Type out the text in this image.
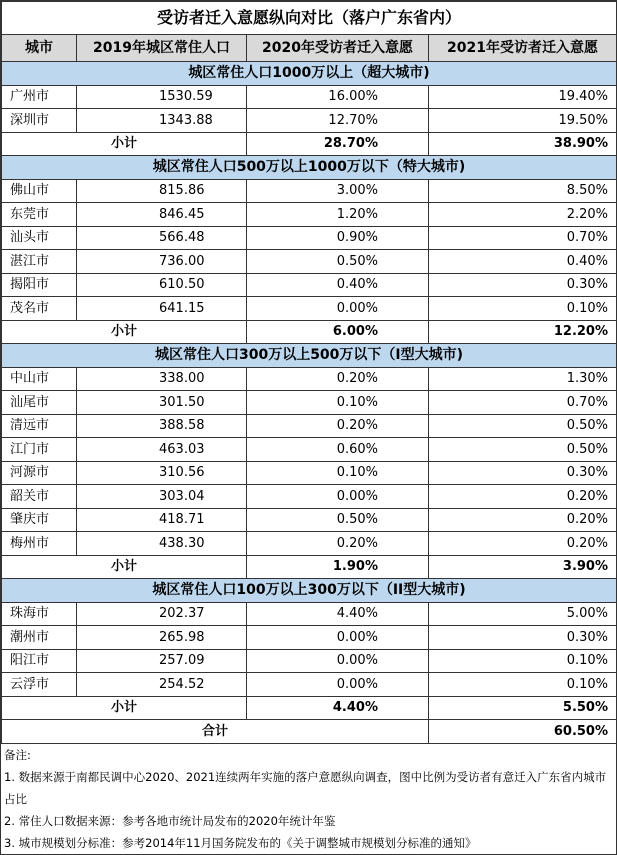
受访者迁入意愿纵向对比（落户广东省内）			
城市	2019年城区常住人口	2020年受访者迁入意愿	2021年受访者迁入意愿
城区常住人口1000万以上（超大城市)			
广州市	1530.59	16.00%	19.40%
深圳市	1343.88	12.70%	19.50%
小计		28.70%	38.90%
城区常住人口500万以上1000万以下（特大城市)			
佛山市	815.86	3.00%	8.50%
东莞市	846.45	1.20%	2.20%
汕头市	566.48	0.90%	0.70%
湛江市	736.00	0.50%	0.40%
揭阳市	610.50	0.40%	0.30%
茂名市	641.15	0.00%	0.10%
小计		6.00%	12.20%
城区常住人口300万以上500万以下（I型大城市)			
中山市	338.00	0.20%	1.30%
汕尾市	301.50	0.10%	0.70%
清远市	388.58	0.20%	0.50%
江门市	463.03	0.60%	0.50%
河源市	310.56	0.10%	0.30%
韶关市	303.04	0.00%	0.20%
肇庆市	418.71	0.50%	0.20%
梅州市	438.30	0.20%	0.20%
小计		1.90%	3.90%
城区常住人口100万以上300万以下（II型大城市)			
珠海市	202.37	4.40%	5.00%
潮州市	265.98	0.00%	0.30%
阳江市	257.09	0.00%	0.10%
云浮市	254.52	0.00%	0.10%
小计		4.40%	5.50%
合计			60.50%
备注:
1. 数据来源于南都民调中心2020、2021连续两年实施的落户意愿纵向调查，图中比例为受访者有意迁入广东省内城市占比
2. 常住人口数据来源：参考各地市统计局发布的2020年统计年鉴
3. 城市规模划分标准：参考2014年11月国务院发布的《关于调整城市规模划分标准的通知》
